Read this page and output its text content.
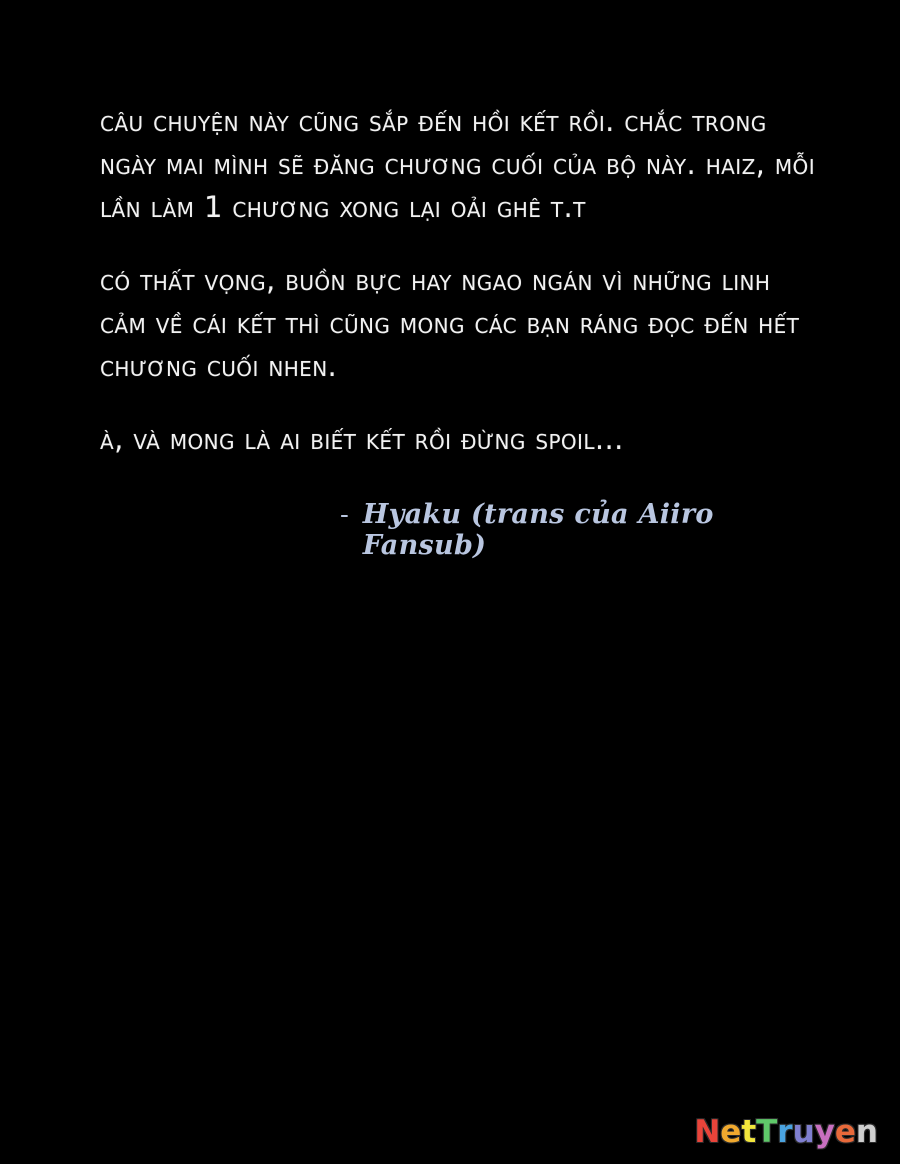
câu chuyện này cũng sắp đến hồi kết rồi. chắc trong ngày mai mình sẽ đăng chương cuối của bộ này. haiz, mỗi lần làm 1 chương xong lại oải ghê t.t

có thất vọng, buồn bực hay ngao ngán vì những linh cảm về cái kết thì cũng mong các bạn ráng đọc đến hết chương cuối nhen.

à, và mong là ai biết kết rồi đừng spoil...

- Hyaku (trans của Aiiro Fansub)
N e t T r u y e n
